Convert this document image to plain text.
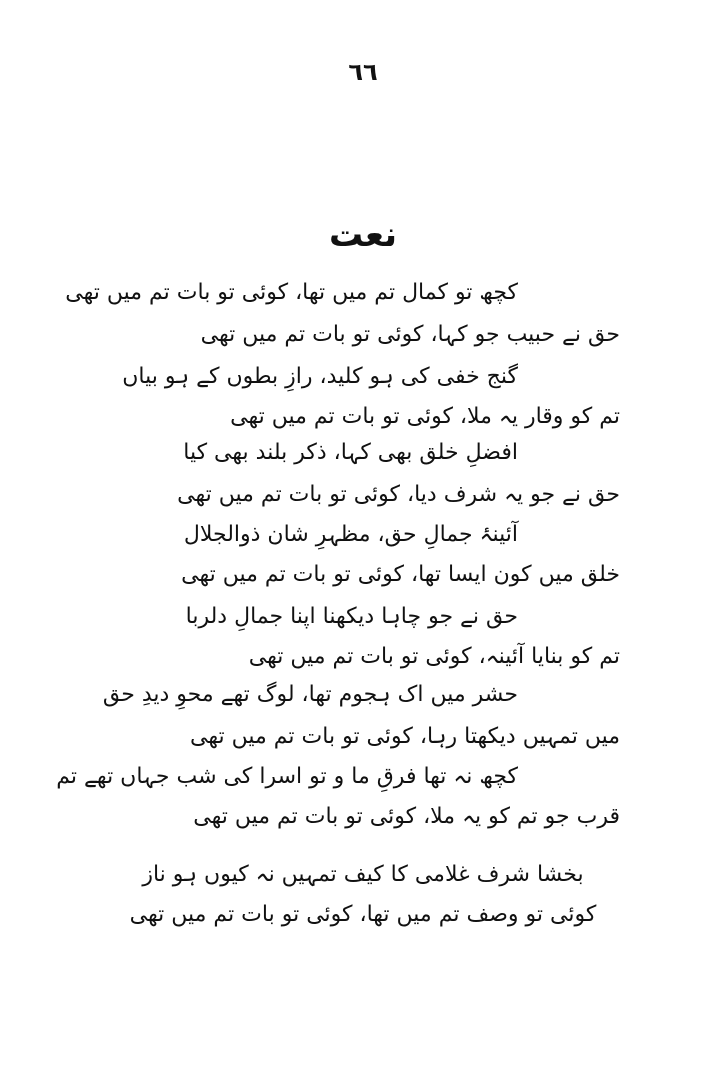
٦٦
نعت
کچھ تو کمال تم میں تھا، کوئی تو بات تم میں تھی
حق نے حبیب جو کہا، کوئی تو بات تم میں تھی
گنج خفی کی ہو کلید، رازِ بطوں کے ہو بیاں
تم کو وقار یہ ملا، کوئی تو بات تم میں تھی
افضلِ خلق بھی کہا، ذکر بلند بھی کیا
حق نے جو یہ شرف دیا، کوئی تو بات تم میں تھی
آئینۂ جمالِ حق، مظہرِ شان ذوالجلال
خلق میں کون ایسا تھا، کوئی تو بات تم میں تھی
حق نے جو چاہا دیکھنا اپنا جمالِ دلربا
تم کو بنایا آئینہ، کوئی تو بات تم میں تھی
حشر میں اک ہجوم تھا، لوگ تھے محوِ دیدِ حق
میں تمہیں دیکھتا رہا، کوئی تو بات تم میں تھی
کچھ نہ تھا فرقِ ما و تو اسرا کی شب جہاں تھے تم
قرب جو تم کو یہ ملا، کوئی تو بات تم میں تھی
بخشا شرف غلامی کا کیف تمہیں نہ کیوں ہو ناز
کوئی تو وصف تم میں تھا، کوئی تو بات تم میں تھی
